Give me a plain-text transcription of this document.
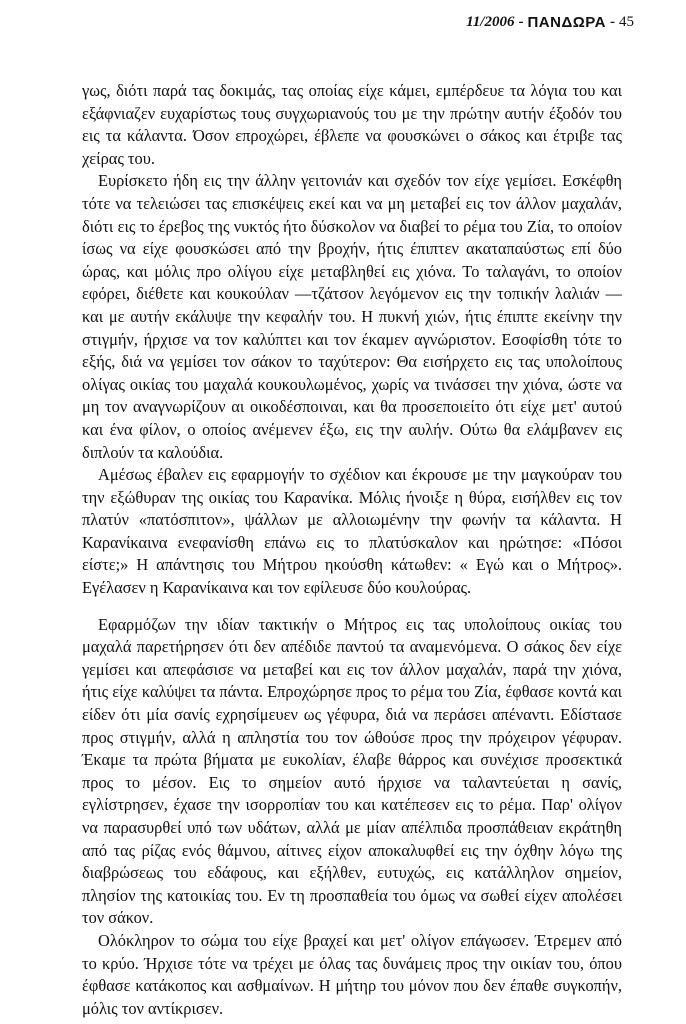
11/2006 - ΠΑΝΔΩΡΑ - 45

γως, διότι παρά τας δοκιμάς, τας οποίας είχε κάμει, εμπέρδευε τα λόγια του και εξάφνιαζεν ευχαρίστως τους συγχωριανούς του με την πρώτην αυτήν έξοδόν του εις τα κάλαντα. Όσον επροχώρει, έβλεπε να φουσκώνει ο σάκος και έτριβε τας χείρας του.

Ευρίσκετο ήδη εις την άλλην γειτονιάν και σχεδόν τον είχε γεμίσει. Εσκέφθη τότε να τελειώσει τας επισκέψεις εκεί και να μη μεταβεί εις τον άλλον μαχαλάν, διότι εις το έρεβος της νυκτός ήτο δύσκολον να διαβεί το ρέμα του Ζία, το οποίον ίσως να είχε φουσκώσει από την βροχήν, ήτις έπιπτεν ακαταπαύστως επί δύο ώρας, και μόλις προ ολίγου είχε μεταβληθεί εις χιόνα. Το ταλαγάνι, το οποίον εφόρει, διέθετε και κουκούλαν —τζάτσον λεγόμενον εις την τοπικήν λαλιάν —και με αυτήν εκάλυψε την κεφαλήν του. Η πυκνή χιών, ήτις έπιπτε εκείνην την στιγμήν, ήρχισε να τον καλύπτει και τον έκαμεν αγνώριστον. Εσοφίσθη τότε το εξής, διά να γεμίσει τον σάκον το ταχύτερον: Θα εισήρχετο εις τας υπολοίπους ολίγας οικίας του μαχαλά κουκουλωμένος, χωρίς να τινάσσει την χιόνα, ώστε να μη τον αναγνωρίζουν αι οικοδέσποιναι, και θα προσεποιείτο ότι είχε μετ' αυτού και ένα φίλον, ο οποίος ανέμενεν έξω, εις την αυλήν. Ούτω θα ελάμβανεν εις διπλούν τα καλούδια.

Αμέσως έβαλεν εις εφαρμογήν το σχέδιον και έκρουσε με την μαγκούραν του την εξώθυραν της οικίας του Καρανίκα. Μόλις ήνοιξε η θύρα, εισήλθεν εις τον πλατύν «πατόσπιτον», ψάλλων με αλλοιωμένην την φωνήν τα κάλαντα. Η Καρανίκαινα ενεφανίσθη επάνω εις το πλατύσκαλον και ηρώτησε: «Πόσοι είστε;» Η απάντησις του Μήτρου ηκούσθη κάτωθεν: « Εγώ και ο Μήτρος». Εγέλασεν η Καρανίκαινα και τον εφίλευσε δύο κουλούρας.

Εφαρμόζων την ιδίαν τακτικήν ο Μήτρος εις τας υπολοίπους οικίας του μαχαλά παρετήρησεν ότι δεν απέδιδε παντού τα αναμενόμενα. Ο σάκος δεν είχε γεμίσει και απεφάσισε να μεταβεί και εις τον άλλον μαχαλάν, παρά την χιόνα, ήτις είχε καλύψει τα πάντα. Επροχώρησε προς το ρέμα του Ζία, έφθασε κοντά και είδεν ότι μία σανίς εχρησίμευεν ως γέφυρα, διά να περάσει απέναντι. Εδίστασε προς στιγμήν, αλλά η απληστία του τον ώθούσε προς την πρόχειρον γέφυραν. Έκαμε τα πρώτα βήματα με ευκολίαν, έλαβε θάρρος και συνέχισε προσεκτικά προς το μέσον. Εις το σημείον αυτό ήρχισε να ταλαντεύεται η σανίς, εγλίστρησεν, έχασε την ισορροπίαν του και κατέπεσεν εις το ρέμα. Παρ' ολίγον να παρασυρθεί υπό των υδάτων, αλλά με μίαν απέλπιδα προσπάθειαν εκράτηθη από τας ρίζας ενός θάμνου, αίτινες είχον αποκαλυφθεί εις την όχθην λόγω της διαβρώσεως του εδάφους, και εξήλθεν, ευτυχώς, εις κατάλληλον σημείον, πλησίον της κατοικίας του. Εν τη προσπαθεία του όμως να σωθεί είχεν απολέσει τον σάκον.

Ολόκληρον το σώμα του είχε βραχεί και μετ' ολίγον επάγωσεν. Έτρεμεν από το κρύο. Ήρχισε τότε να τρέχει με όλας τας δυνάμεις προς την οικίαν του, όπου έφθασε κατάκοπος και ασθμαίνων. Η μήτηρ του μόνον που δεν έπαθε συγκοπήν, μόλις τον αντίκρισεν.
